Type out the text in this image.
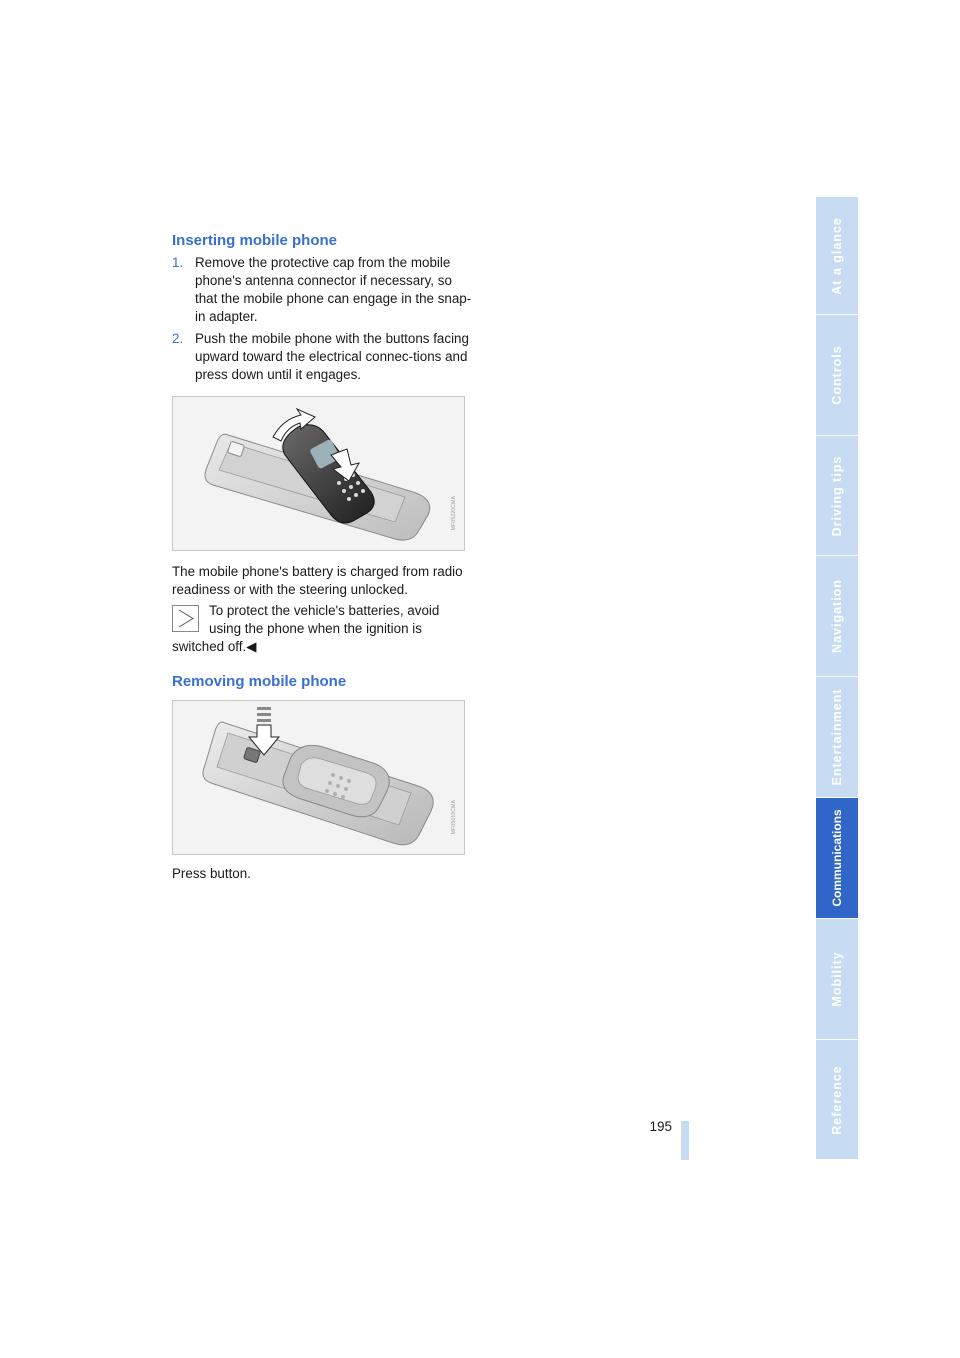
Inserting mobile phone
1. Remove the protective cap from the mobile phone's antenna connector if necessary, so that the mobile phone can engage in the snap-in adapter.
2. Push the mobile phone with the buttons facing upward toward the electrical connec-tions and press down until it engages.
MF05220CMA

The mobile phone's battery is charged from radio readiness or with the steering unlocked.

To protect the vehicle's batteries, avoid using the phone when the ignition is

switched off.◀

Removing mobile phone
MF05019CMA

Press button.

195
At a glance
Controls
Driving tips
Navigation
Entertainment
Communications
Mobility
Reference
